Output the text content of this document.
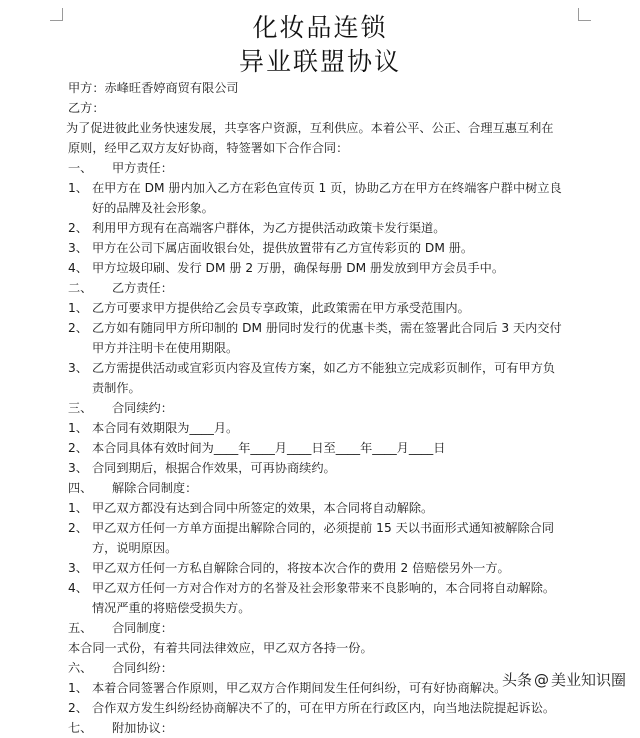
化妆品连锁
异业联盟协议
甲方：赤峰旺香婷商贸有限公司
乙方：
为了促进彼此业务快速发展，共享客户资源，互利供应。本着公平、公正、合理互惠互利在
原则，经甲乙双方友好协商，特签署如下合作合同：
一、 甲方责任：
1、 在甲方在 DM 册内加入乙方在彩色宣传页 1 页，协助乙方在甲方在终端客户群中树立良
好的品牌及社会形象。
2、 利用甲方现有在高端客户群体，为乙方提供活动政策卡发行渠道。
3、 甲方在公司下属店面收银台处，提供放置带有乙方宣传彩页的 DM 册。
4、 甲方垃圾印刷、发行 DM 册 2 万册，确保每册 DM 册发放到甲方会员手中。
二、 乙方责任：
1、 乙方可要求甲方提供给乙会员专享政策，此政策需在甲方承受范围内。
2、 乙方如有随同甲方所印制的 DM 册同时发行的优惠卡类，需在签署此合同后 3 天内交付
甲方并注明卡在使用期限。
3、 乙方需提供活动或宣彩页内容及宣传方案，如乙方不能独立完成彩页制作，可有甲方负
责制作。
三、 合同续约：
1、 本合同有效期限为____月。
2、 本合同具体有效时间为____年____月____日至____年____月____日
3、 合同到期后，根据合作效果，可再协商续约。
四、 解除合同制度：
1、 甲乙双方都没有达到合同中所签定的效果，本合同将自动解除。
2、 甲乙双方任何一方单方面提出解除合同的，必须提前 15 天以书面形式通知被解除合同
方，说明原因。
3、 甲乙双方任何一方私自解除合同的，将按本次合作的费用 2 倍赔偿另外一方。
4、 甲乙双方任何一方对合作对方的名誉及社会形象带来不良影响的，本合同将自动解除。
情况严重的将赔偿受损失方。
五、 合同制度：
本合同一式份，有着共同法律效应，甲乙双方各持一份。
六、 合同纠纷：
1、 本着合同签署合作原则，甲乙双方合作期间发生任何纠纷，可有好协商解决。
2、 合作双方发生纠纷经协商解决不了的，可在甲方所在行政区内，向当地法院提起诉讼。
七、 附加协议：
头条 @ 美业知识圈
